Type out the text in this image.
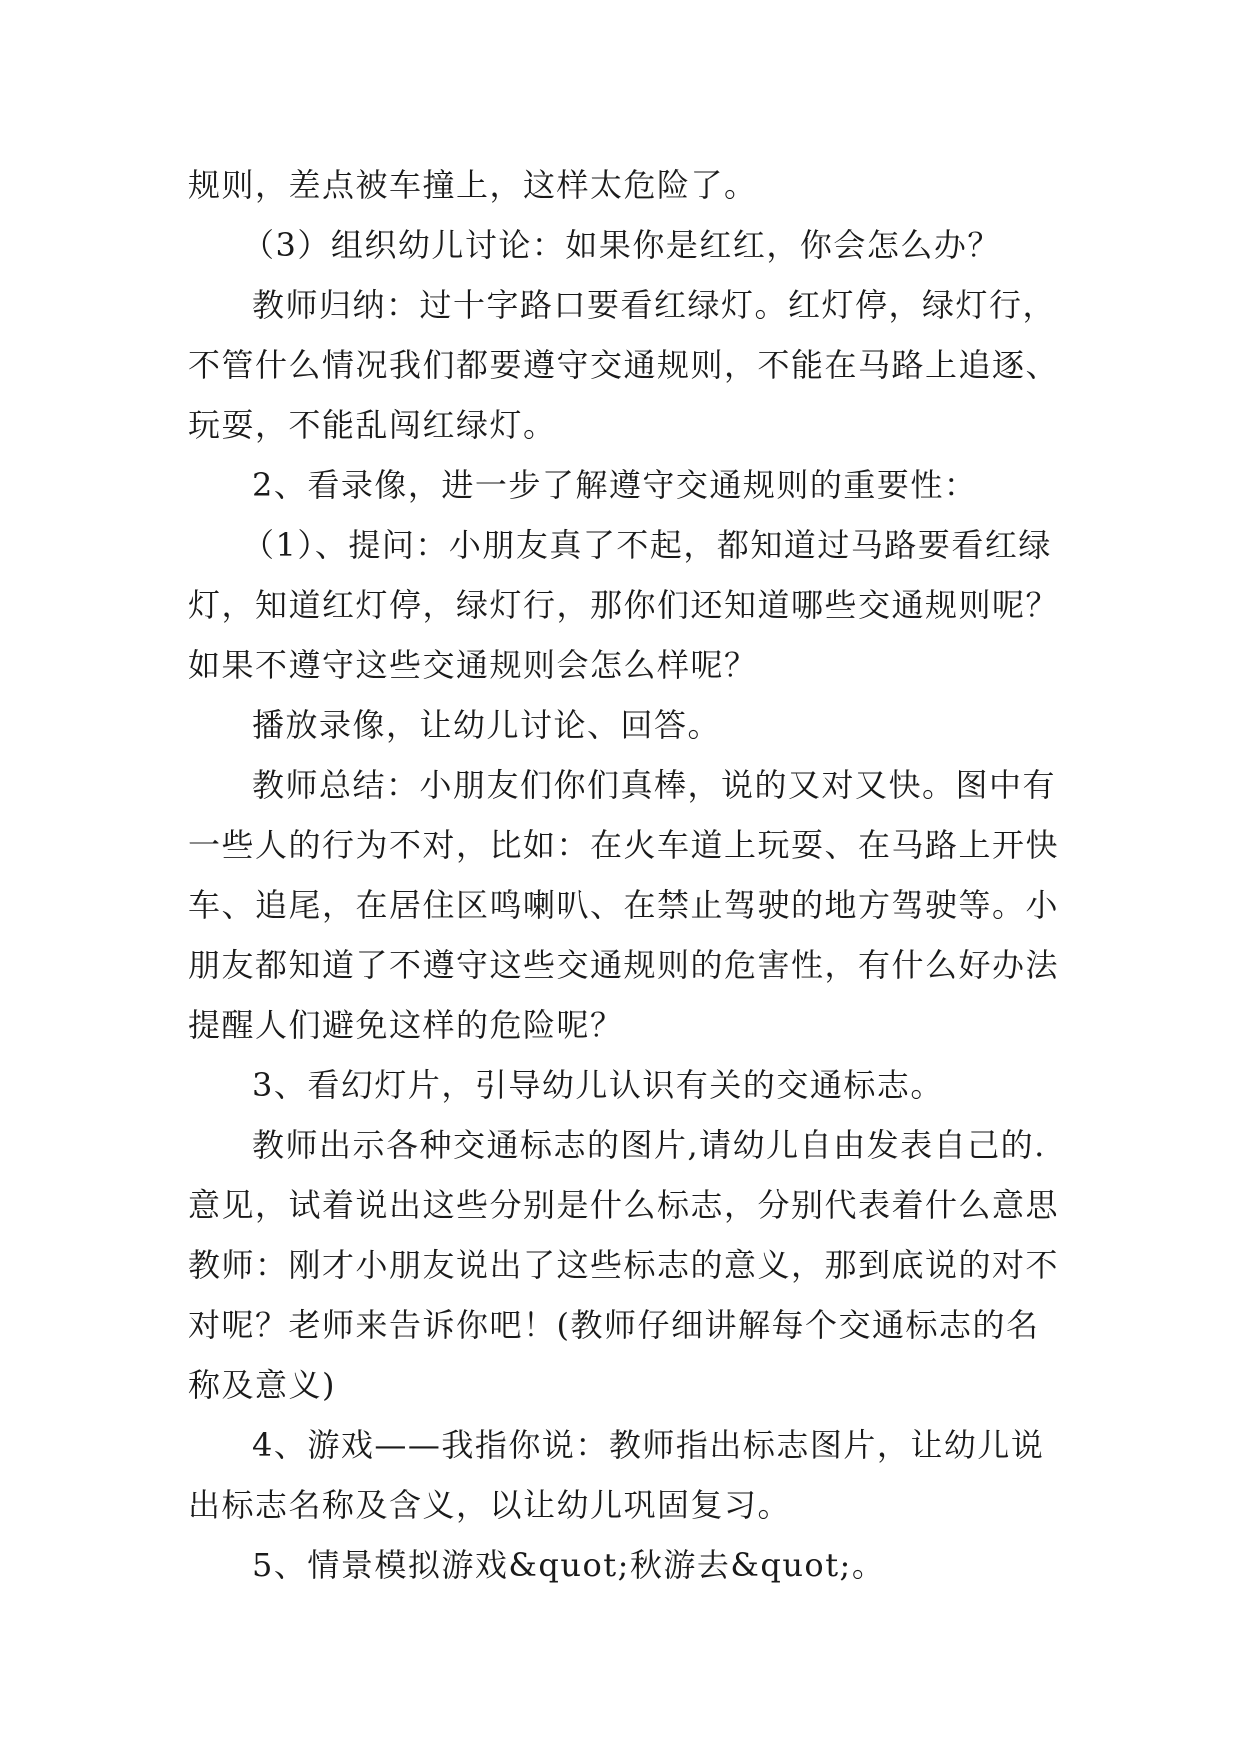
规则，差点被车撞上，这样太危险了。
（3）组织幼儿讨论：如果你是红红，你会怎么办？
教师归纳：过十字路口要看红绿灯。红灯停，绿灯行，
不管什么情况我们都要遵守交通规则，不能在马路上追逐、
玩耍，不能乱闯红绿灯。
2、看录像，进一步了解遵守交通规则的重要性：
（1）、提问：小朋友真了不起，都知道过马路要看红绿
灯，知道红灯停，绿灯行，那你们还知道哪些交通规则呢？
如果不遵守这些交通规则会怎么样呢？
播放录像，让幼儿讨论、回答。
教师总结：小朋友们你们真棒，说的又对又快。图中有
一些人的行为不对，比如：在火车道上玩耍、在马路上开快
车、追尾，在居住区鸣喇叭、在禁止驾驶的地方驾驶等。小
朋友都知道了不遵守这些交通规则的危害性，有什么好办法
提醒人们避免这样的危险呢？
3、看幻灯片，引导幼儿认识有关的交通标志。
教师出示各种交通标志的图片,请幼儿自由发表自己的.
意见，试着说出这些分别是什么标志，分别代表着什么意思
教师：刚才小朋友说出了这些标志的意义，那到底说的对不
对呢？老师来告诉你吧！(教师仔细讲解每个交通标志的名
称及意义)
4、游戏——我指你说：教师指出标志图片，让幼儿说
出标志名称及含义，以让幼儿巩固复习。
5、情景模拟游戏&quot;秋游去&quot;。
